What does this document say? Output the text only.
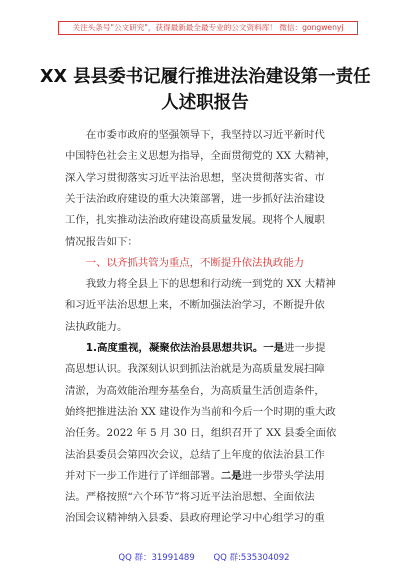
关注头条号"公文研究"，获得最新最全最专业的公文资料库！ 微信：gongwenyj
XX 县县委书记履行推进法治建设第一责任
人述职报告
　　在市委市政府的坚强领导下，我坚持以习近平新时代
中国特色社会主义思想为指导，全面贯彻党的 XX 大精神，
深入学习贯彻落实习近平法治思想，坚决贯彻落实省、市
关于法治政府建设的重大决策部署，进一步抓好法治建设
工作，扎实推动法治政府建设高质量发展。现将个人履职
情况报告如下：
　　一、以齐抓共管为重点，不断提升依法执政能力
　　我致力将全县上下的思想和行动统一到党的 XX 大精神
和习近平法治思想上来，不断加强法治学习，不断提升依
法执政能力。
　　1.高度重视，凝聚依法治县思想共识。一是进一步提
高思想认识。我深刻认识到抓法治就是为高质量发展扫障
清淤，为高效能治理夯基垒台，为高质量生活创造条件，
始终把推进法治 XX 建设作为当前和今后一个时期的重大政
治任务。2022 年 5 月 30 日，组织召开了 XX 县委全面依
法治县委员会第四次会议，总结了上年度的依法治县工作
并对下一步工作进行了详细部署。二是进一步带头学法用
法。严格按照“六个环节”将习近平法治思想、全面依法
治国会议精神纳入县委、县政府理论学习中心组学习的重
QQ 群：31991489 QQ 群:535304092
